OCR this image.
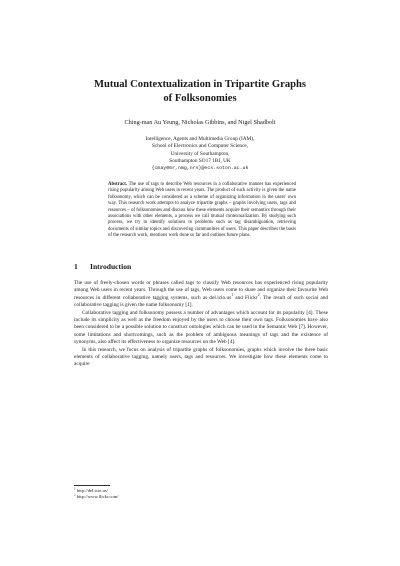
Mutual Contextualization in Tripartite Graphs
of Folksonomies
Ching-man Au Yeung, Nicholas Gibbins, and Nigel Shadbolt
Intelligence, Agents and Multimedia Group (IAM),
School of Electronics and Computer Science,
University of Southampton,
Southampton SO17 1BJ, UK
{cmay06r,nmg,nrs}@ecs.soton.ac.uk
Abstract. The use of tags to describe Web resources in a collaborative manner has experienced rising popularity among Web users in recent years. The product of such activity is given the name folksonomy, which can be considered as a scheme of organizing information in the users' own way. This research work attempts to analyze tripartite graphs – graphs involving users, tags and resources – of folksonomies and discuss how these elements acquire their semantics through their associations with other elements, a process we call mutual contextualization. By studying such process, we try to identify solutions to problems such as tag disambiguation, retrieving documents of similar topics and discovering communities of users. This paper describes the basis of the research work, mentions work done so far and outlines future plans.
1 Introduction

The use of freely-chosen words or phrases called tags to classify Web resources has experienced rising popularity among Web users in recent years. Through the use of tags, Web users come to share and organize their favourite Web resources in different collaborative tagging systems, such as $del.icio.us^1$ and Flickr$^2$. The result of such social and collaborative tagging is given the name folksonomy [1].

Collaborative tagging and folksonomy possess a number of advantages which account for its popularity [4]. These include its simplicity as well as the freedom enjoyed by the users to choose their own tags. Folksonomies have also been considered to be a possible solution to construct ontologies which can be used in the Semantic Web [7]. However, some limitations and shortcomings, such as the problem of ambiguous meanings of tags and the existence of synonyms, also affect its effectiveness to organize resources on the Web [4].

In this research, we focus on analysis of tripartite graphs of folksonomies, graphs which involve the three basic elements of collaborative tagging, namely users, tags and resources. We investigate how these elements come to acquire

$^1$ http://del.icio.us/
$^2$ http://www.flickr.com/
